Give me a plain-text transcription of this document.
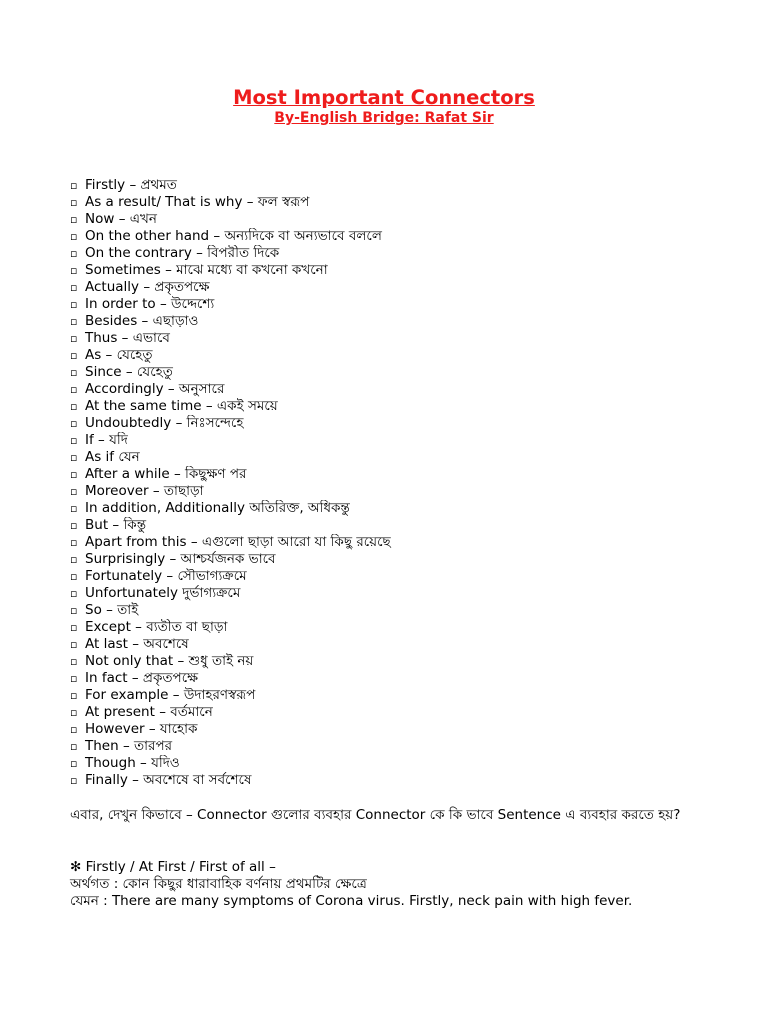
Most Important Connectors
By-English Bridge: Rafat Sir
▫ Firstly – প্রথমত
▫ As a result/ That is why – ফল স্বরূপ
▫ Now – এখন
▫ On the other hand – অন্যদিকে বা অন্যভাবে বললে
▫ On the contrary – বিপরীত দিকে
▫ Sometimes – মাঝে মধ্যে বা কখনো কখনো
▫ Actually – প্রকৃতপক্ষে
▫ In order to – উদ্দেশ্যে
▫ Besides – এছাড়াও
▫ Thus – এভাবে
▫ As – যেহেতু
▫ Since – যেহেতু
▫ Accordingly – অনুসারে
▫ At the same time – একই সময়ে
▫ Undoubtedly – নিঃসন্দেহে
▫ If – যদি
▫ As if যেন
▫ After a while – কিছুক্ষণ পর
▫ Moreover – তাছাড়া
▫ In addition, Additionally অতিরিক্ত, অধিকন্তু
▫ But – কিন্তু
▫ Apart from this – এগুলো ছাড়া আরো যা কিছু রয়েছে
▫ Surprisingly – আশ্চর্যজনক ভাবে
▫ Fortunately – সৌভাগ্যক্রমে
▫ Unfortunately দুর্ভাগ্যক্রমে
▫ So – তাই
▫ Except – ব্যতীত বা ছাড়া
▫ At last – অবশেষে
▫ Not only that – শুধু তাই নয়
▫ In fact – প্রকৃতপক্ষে
▫ For example – উদাহরণস্বরূপ
▫ At present – বর্তমানে
▫ However – যাহোক
▫ Then – তারপর
▫ Though – যদিও
▫ Finally – অবশেষে বা সর্বশেষে

এবার, দেখুন কিভাবে – Connector গুলোর ব্যবহার Connector কে কি ভাবে Sentence এ ব্যবহার করতে হয়?

✻ Firstly / At First / First of all –

অর্থগত : কোন কিছুর ধারাবাহিক বর্ণনায় প্রথমটির ক্ষেত্রে

যেমন : There are many symptoms of Corona virus. Firstly, neck pain with high fever.
